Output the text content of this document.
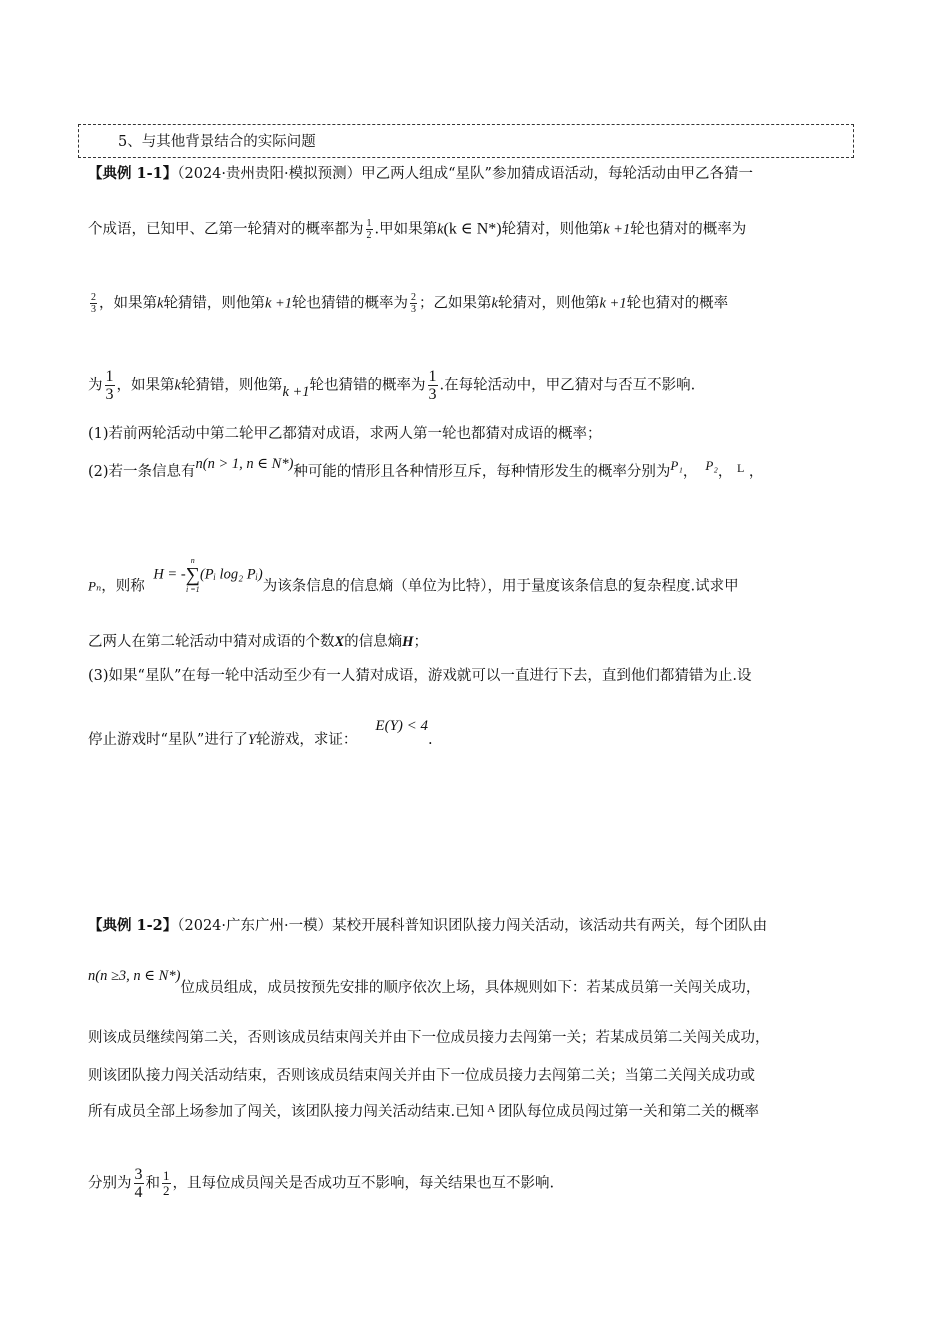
5、与其他背景结合的实际问题
【典例 1-1】（2024·贵州贵阳·模拟预测）甲乙两人组成“星队”参加猜成语活动，每轮活动由甲乙各猜一
个成语，已知甲、乙第一轮猜对的概率都为 $\frac{1}{2}$ .甲如果第k(k ∈ N*)轮猜对，则他第k +1轮也猜对的概率为
$\frac{2}{3}$ ，如果第k轮猜错，则他第k +1轮也猜错的概率为 $\frac{2}{3}$ ；乙如果第k轮猜对，则他第k +1轮也猜对的概率
为 $\frac{1}{3}$ ，如果第k轮猜错，则他第k +1轮也猜错的概率为 $\frac{1}{3}$ .在每轮活动中，甲乙猜对与否互不影响.
(1)若前两轮活动中第二轮甲乙都猜对成语，求两人第一轮也都猜对成语的概率；
(2)若一条信息有n(n > 1, n ∈ N*)种可能的情形且各种情形互斥，每种情形发生的概率分别为P₁， P₂， $^L$ ，
Pₙ，则称 H = -
n
∑
i =1
(Pᵢ log₂ Pᵢ)为该条信息的信息熵（单位为比特），用于量度该条信息的复杂程度.试求甲
乙两人在第二轮活动中猜对成语的个数X的信息熵H；
(3)如果“星队”在每一轮中活动至少有一人猜对成语，游戏就可以一直进行下去，直到他们都猜错为止.设
停止游戏时“星队”进行了Y轮游戏，求证：E(Y) < 4.
【典例 1-2】（2024·广东广州·一模）某校开展科普知识团队接力闯关活动，该活动共有两关，每个团队由
n(n ≥3, n ∈ N*)位成员组成，成员按预先安排的顺序依次上场，具体规则如下：若某成员第一关闯关成功，
则该成员继续闯第二关，否则该成员结束闯关并由下一位成员接力去闯第一关；若某成员第二关闯关成功，
则该团队接力闯关活动结束，否则该成员结束闯关并由下一位成员接力去闯第二关；当第二关闯关成功或
所有成员全部上场参加了闯关，该团队接力闯关活动结束.已知 $^A$ 团队每位成员闯过第一关和第二关的概率
分别为 $\frac{3}{4}$ 和 $\frac{1}{2}$ ，且每位成员闯关是否成功互不影响，每关结果也互不影响.
